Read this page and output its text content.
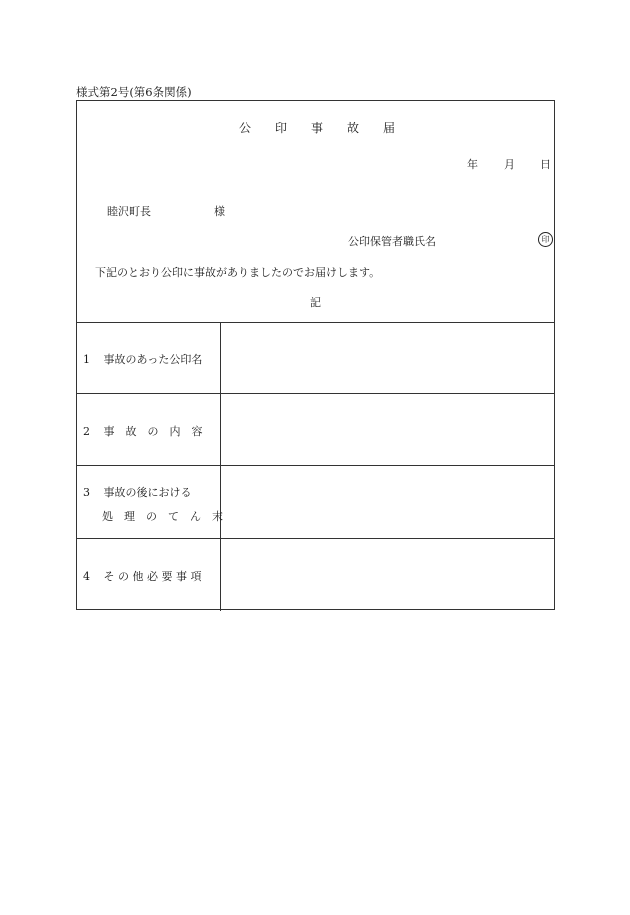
様式第2号(第6条関係)
公　　印　　事　　故　　届
年 月 日
睦沢町長	様
公印保管者職氏名	印
下記のとおり公印に事故がありましたのでお届けします。
記
1 事故のあった公印名
2 事　故　の　内　容
3 事故の後における
処　理　の　て　ん　末
4 そ の 他 必 要 事 項
